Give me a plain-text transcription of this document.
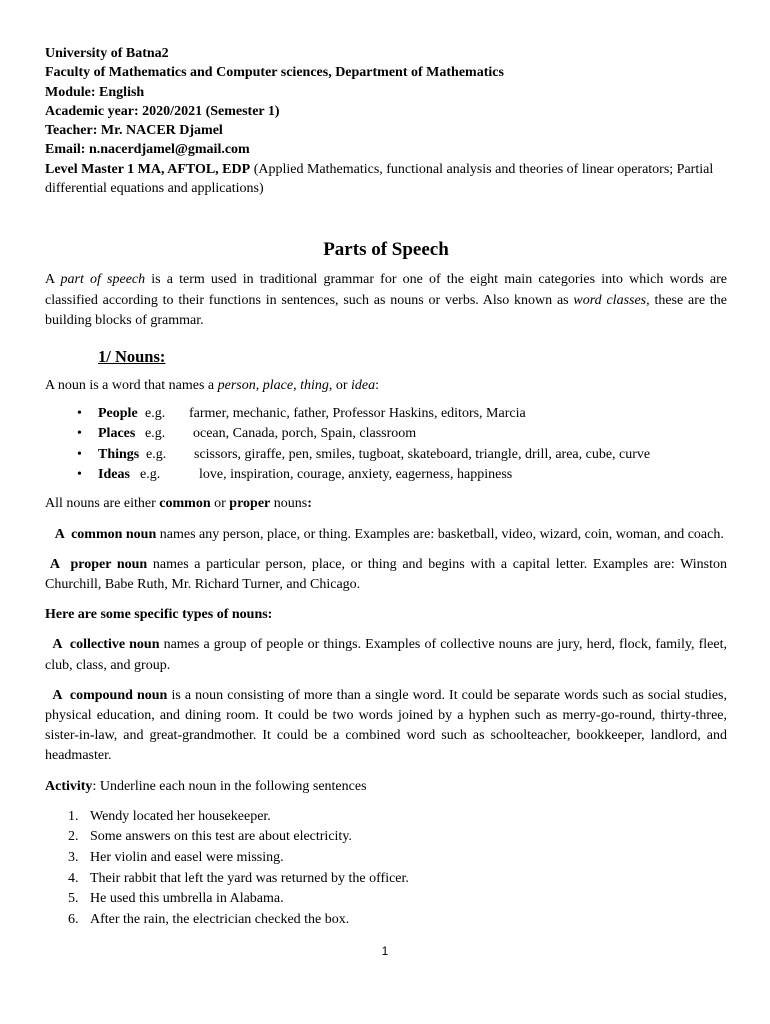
University of Batna2

Faculty of Mathematics and Computer sciences, Department of Mathematics

Module: English

Academic year: 2020/2021 (Semester 1)

Teacher: Mr. NACER Djamel

Email: n.nacerdjamel@gmail.com

Level Master 1 MA, AFTOL, EDP (Applied Mathematics, functional analysis and theories of linear operators; Partial differential equations and applications)

Parts of Speech

A part of speech is a term used in traditional grammar for one of the eight main categories into which words are classified according to their functions in sentences, such as nouns or verbs. Also known as word classes, these are the building blocks of grammar.

1/ Nouns:

A noun is a word that names a person, place, thing, or idea:

• People e.g. farmer, mechanic, father, Professor Haskins, editors, Marcia
• Places e.g. ocean, Canada, porch, Spain, classroom
• Things e.g. scissors, giraffe, pen, smiles, tugboat, skateboard, triangle, drill, area, cube, curve
• Ideas e.g.	love, inspiration, courage, anxiety, eagerness, happiness

All nouns are either common or proper nouns:

A  common noun names any person, place, or thing. Examples are: basketball, video, wizard, coin, woman, and coach.

A  proper noun names a particular person, place, or thing and begins with a capital letter. Examples are: Winston Churchill, Babe Ruth, Mr. Richard Turner, and Chicago.

Here are some specific types of nouns:

A  collective noun names a group of people or things. Examples of collective nouns are jury, herd, flock, family, fleet, club, class, and group.

A  compound noun is a noun consisting of more than a single word. It could be separate words such as social studies, physical education, and dining room. It could be two words joined by a hyphen such as merry-go-round, thirty-three, sister-in-law, and great-grandmother. It could be a combined word such as schoolteacher, bookkeeper, landlord, and headmaster.

Activity: Underline each noun in the following sentences

1. Wendy located her housekeeper.
2. Some answers on this test are about electricity.
3. Her violin and easel were missing.
4. Their rabbit that left the yard was returned by the officer.
5. He used this umbrella in Alabama.
6. After the rain, the electrician checked the box.
1
